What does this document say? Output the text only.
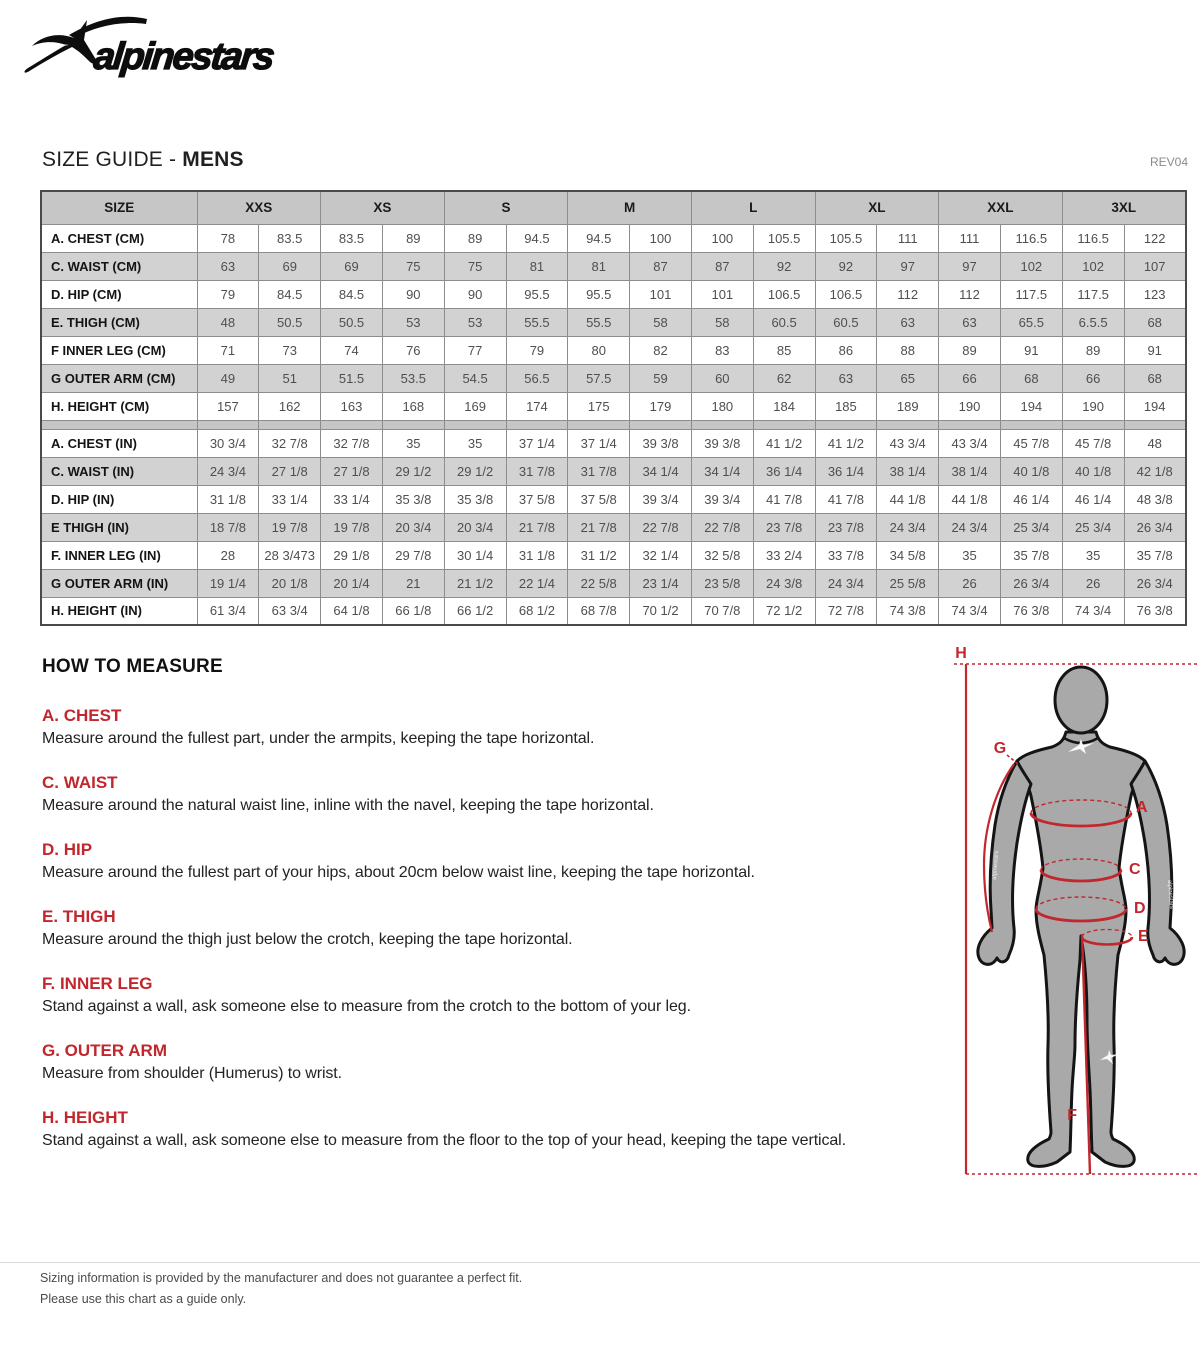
alpinestars
SIZE GUIDE - MENS	REV04
SIZE	XXS		XS		S		M		L		XL		XXL		3XL	
A. CHEST (CM)	78	83.5	83.5	89	89	94.5	94.5	100	100	105.5	105.5	111	111	116.5	116.5	122
C. WAIST (CM)	63	69	69	75	75	81	81	87	87	92	92	97	97	102	102	107
D. HIP (CM)	79	84.5	84.5	90	90	95.5	95.5	101	101	106.5	106.5	112	112	117.5	117.5	123
E. THIGH (CM)	48	50.5	50.5	53	53	55.5	55.5	58	58	60.5	60.5	63	63	65.5	6.5.5	68
F INNER LEG (CM)	71	73	74	76	77	79	80	82	83	85	86	88	89	91	89	91
G OUTER ARM (CM)	49	51	51.5	53.5	54.5	56.5	57.5	59	60	62	63	65	66	68	66	68
H. HEIGHT (CM)	157	162	163	168	169	174	175	179	180	184	185	189	190	194	190	194

A. CHEST (IN)	30 3/4	32 7/8	32 7/8	35	35	37 1/4	37 1/4	39 3/8	39 3/8	41 1/2	41 1/2	43 3/4	43 3/4	45 7/8	45 7/8	48
C. WAIST (IN)	24 3/4	27 1/8	27 1/8	29 1/2	29 1/2	31 7/8	31 7/8	34 1/4	34 1/4	36 1/4	36 1/4	38 1/4	38 1/4	40 1/8	40 1/8	42 1/8
D. HIP (IN)	31 1/8	33 1/4	33 1/4	35 3/8	35 3/8	37 5/8	37 5/8	39 3/4	39 3/4	41 7/8	41 7/8	44 1/8	44 1/8	46 1/4	46 1/4	48 3/8
E THIGH (IN)	18 7/8	19 7/8	19 7/8	20 3/4	20 3/4	21 7/8	21 7/8	22 7/8	22 7/8	23 7/8	23 7/8	24 3/4	24 3/4	25 3/4	25 3/4	26 3/4
F. INNER LEG (IN)	28	28 3/473	29 1/8	29 7/8	30 1/4	31 1/8	31 1/2	32 1/4	32 5/8	33 2/4	33 7/8	34 5/8	35	35 7/8	35	35 7/8
G OUTER ARM (IN)	19 1/4	20 1/8	20 1/4	21	21 1/2	22 1/4	22 5/8	23 1/4	23 5/8	24 3/8	24 3/4	25 5/8	26	26 3/4	26	26 3/4
H. HEIGHT (IN)	61 3/4	63 3/4	64 1/8	66 1/8	66 1/2	68 1/2	68 7/8	70 1/2	70 7/8	72 1/2	72 7/8	74 3/8	74 3/4	76 3/8	74 3/4	76 3/8
HOW TO MEASURE
A. CHEST

Measure around the fullest part, under the armpits, keeping the tape horizontal.

C. WAIST

Measure around the natural waist line, inline with the navel, keeping the tape horizontal.

D. HIP

Measure around the fullest part of your hips, about 20cm below waist line, keeping the tape horizontal.

E. THIGH

Measure around the thigh just below the crotch, keeping the tape horizontal.

F. INNER LEG

Stand against a wall, ask someone else to measure from the crotch to the bottom of your leg.

G. OUTER ARM

Measure from shoulder (Humerus) to wrist.

H. HEIGHT

Stand against a wall, ask someone else to measure from the floor to the top of your head, keeping the tape vertical.

alpinestars
alpinestars
H
G
A
C
D
E
F
Sizing information is provided by the manufacturer and does not guarantee a perfect fit.
Please use this chart as a guide only.
